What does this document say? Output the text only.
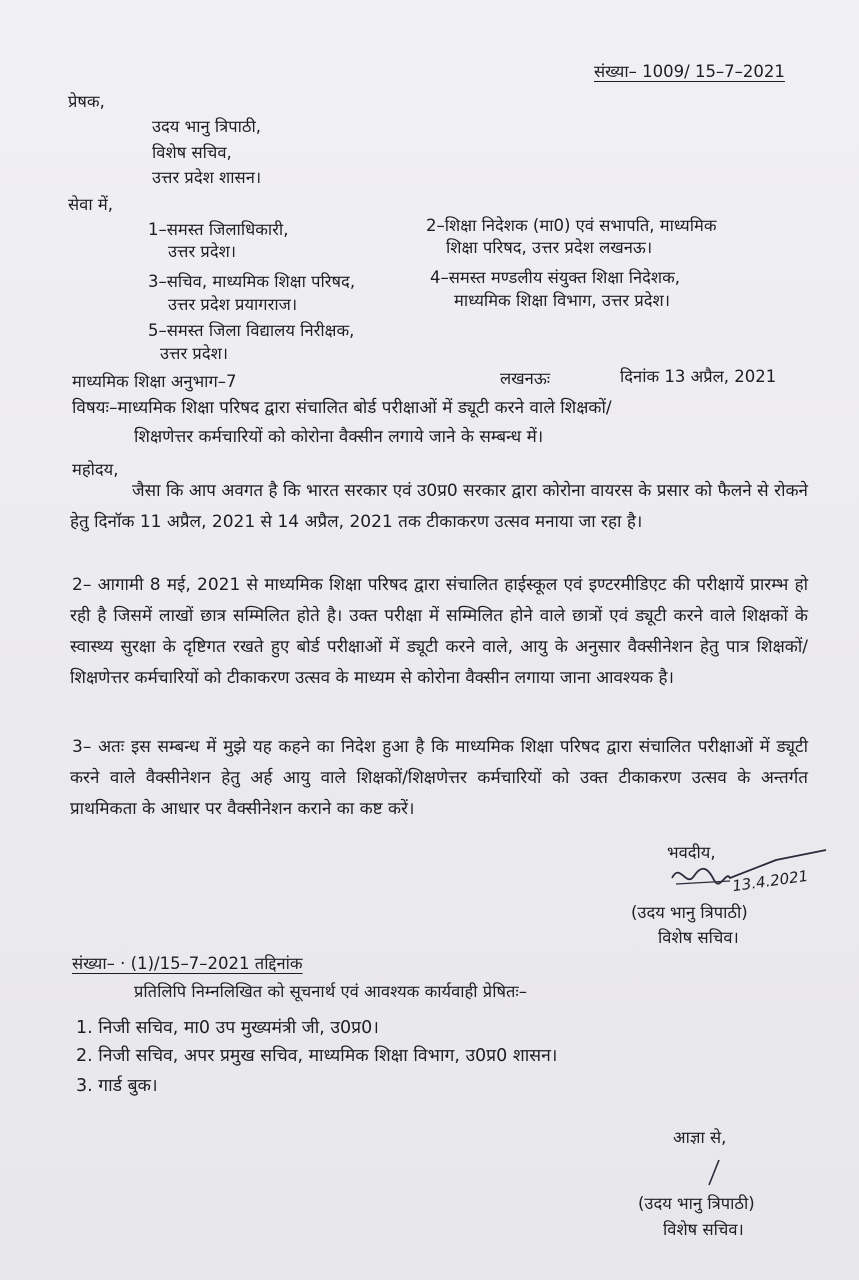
संख्या– 1009/ 15–7–2021
प्रेषक,
उदय भानु त्रिपाठी,
विशेष सचिव,
उत्तर प्रदेश शासन।
सेवा में,
1–समस्त जिलाधिकारी,
उत्तर प्रदेश।
2–शिक्षा निदेशक (मा0) एवं सभापति, माध्यमिक
शिक्षा परिषद, उत्तर प्रदेश लखनऊ।
3–सचिव, माध्यमिक शिक्षा परिषद,
उत्तर प्रदेश प्रयागराज।
4–समस्त मण्डलीय संयुक्त शिक्षा निदेशक,
माध्यमिक शिक्षा विभाग, उत्तर प्रदेश।
5–समस्त जिला विद्यालय निरीक्षक,
उत्तर प्रदेश।
माध्यमिक शिक्षा अनुभाग–7	लखनऊः	दिनांक 13 अप्रैल, 2021
विषयः–माध्यमिक शिक्षा परिषद द्वारा संचालित बोर्ड परीक्षाओं में ड्यूटी करने वाले शिक्षकों/
शिक्षणेत्तर कर्मचारियों को कोरोना वैक्सीन लगाये जाने के सम्बन्ध में।
महोदय,
जैसा कि आप अवगत है कि भारत सरकार एवं उ0प्र0 सरकार द्वारा कोरोना वायरस के प्रसार को फैलने से रोकने हेतु दिनॉक 11 अप्रैल, 2021 से 14 अप्रैल, 2021 तक टीकाकरण उत्सव मनाया जा रहा है।
2– आगामी 8 मई, 2021 से माध्यमिक शिक्षा परिषद द्वारा संचालित हाईस्कूल एवं इण्टरमीडिएट की परीक्षायें प्रारम्भ हो रही है जिसमें लाखों छात्र सम्मिलित होते है। उक्त परीक्षा में सम्मिलित होने वाले छात्रों एवं ड्यूटी करने वाले शिक्षकों के स्वास्थ्य सुरक्षा के दृष्टिगत रखते हुए बोर्ड परीक्षाओं में ड्यूटी करने वाले, आयु के अनुसार वैक्सीनेशन हेतु पात्र शिक्षकों/शिक्षणेत्तर कर्मचारियों को टीकाकरण उत्सव के माध्यम से कोरोना वैक्सीन लगाया जाना आवश्यक है।
3– अतः इस सम्बन्ध में मुझे यह कहने का निदेश हुआ है कि माध्यमिक शिक्षा परिषद द्वारा संचालित परीक्षाओं में ड्यूटी करने वाले वैक्सीनेशन हेतु अर्ह आयु वाले शिक्षकों/शिक्षणेत्तर कर्मचारियों को उक्त टीकाकरण उत्सव के अन्तर्गत प्राथमिकता के आधार पर वैक्सीनेशन कराने का कष्ट करें।
भवदीय,
13.4.2021
(उदय भानु त्रिपाठी)
विशेष सचिव।
संख्या– · (1)/15–7–2021 तद्दिनांक
प्रतिलिपि निम्नलिखित को सूचनार्थ एवं आवश्यक कार्यवाही प्रेषितः–
1. निजी सचिव, मा0 उप मुख्यमंत्री जी, उ0प्र0।
2. निजी सचिव, अपर प्रमुख सचिव, माध्यमिक शिक्षा विभाग, उ0प्र0 शासन।
3. गार्ड बुक।
आज्ञा से,
(उदय भानु त्रिपाठी)
विशेष सचिव।
